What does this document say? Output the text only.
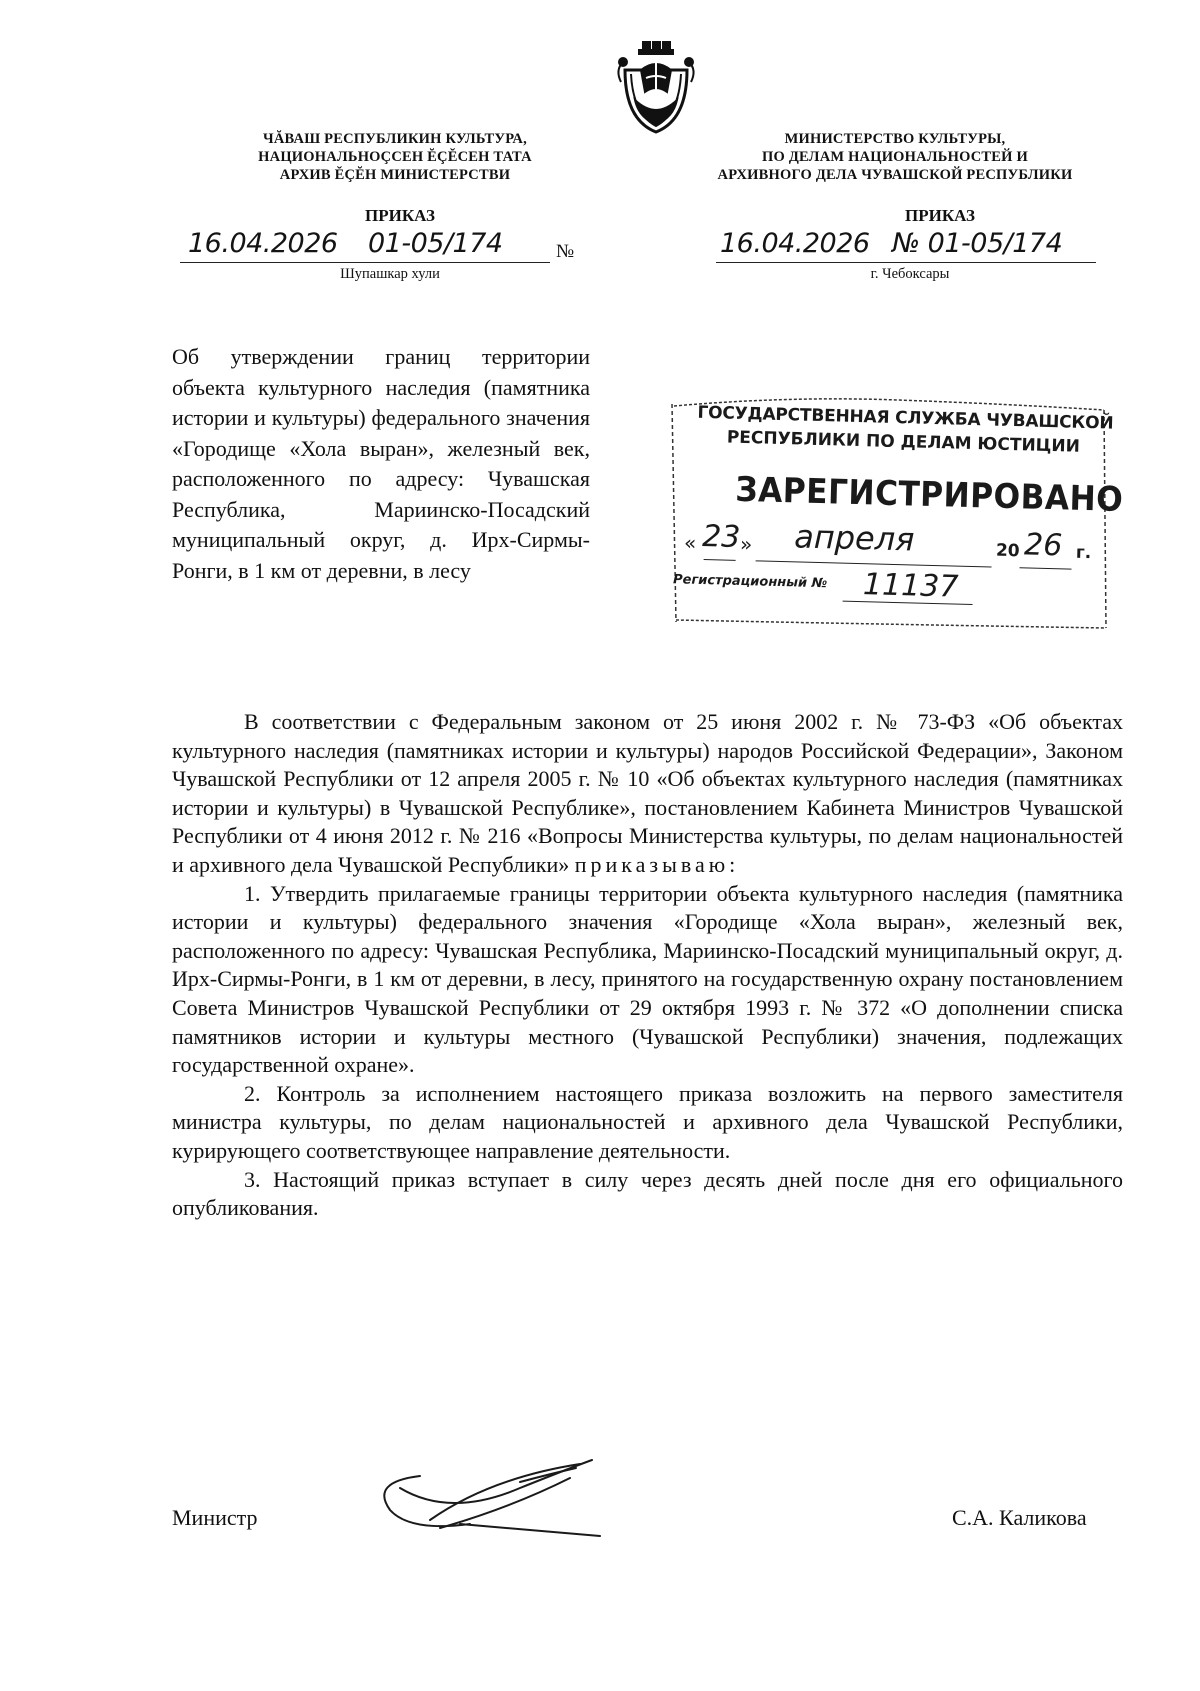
ЧĂВАШ РЕСПУБЛИКИН КУЛЬТУРА,
НАЦИОНАЛЬНОÇСЕН ĔÇĔСЕН ТАТА
АРХИВ ĔÇĔН МИНИСТЕРСТВИ
МИНИСТЕРСТВО КУЛЬТУРЫ,
ПО ДЕЛАМ НАЦИОНАЛЬНОСТЕЙ И
АРХИВНОГО ДЕЛА ЧУВАШСКОЙ РЕСПУБЛИКИ
ПРИКАЗ
16.04.2026 01-05/174	№
Шупашкар хули
ПРИКАЗ
16.04.2026 № 01-05/174
г. Чебоксары

Об утверждении границ территории объекта культурного наследия (памятника истории и культуры) федерального значения «Городище «Хола выран», железный век, расположенного по адресу: Чувашская Республика, Мариинско-Посадский муниципальный округ, д. Ирх-Сирмы-Ронги, в 1 км от деревни, в лесу

ГОСУДАРСТВЕННАЯ СЛУЖБА ЧУВАШСКОЙ
РЕСПУБЛИКИ ПО ДЕЛАМ ЮСТИЦИИ
ЗАРЕГИСТРИРОВАНО
« 23
» апреля	20 26 г.
Регистрационный № 11137

В соответствии с Федеральным законом от 25 июня 2002 г. № 73-ФЗ «Об объектах культурного наследия (памятниках истории и культуры) народов Российской Федерации», Законом Чувашской Республики от 12 апреля 2005 г. № 10 «Об объектах культурного наследия (памятниках истории и культуры) в Чувашской Республике», постановлением Кабинета Министров Чувашской Республики от 4 июня 2012 г. № 216 «Вопросы Министерства культуры, по делам национальностей и архивного дела Чувашской Республики» приказываю:

1. Утвердить прилагаемые границы территории объекта культурного наследия (памятника истории и культуры) федерального значения «Городище «Хола выран», железный век, расположенного по адресу: Чувашская Республика, Мариинско-Посадский муниципальный округ, д. Ирх-Сирмы-Ронги, в 1 км от деревни, в лесу, принятого на государственную охрану постановлением Совета Министров Чувашской Республики от 29 октября 1993 г. № 372 «О дополнении списка памятников истории и культуры местного (Чувашской Республики) значения, подлежащих государственной охране».

2. Контроль за исполнением настоящего приказа возложить на первого заместителя министра культуры, по делам национальностей и архивного дела Чувашской Республики, курирующего соответствующее направление деятельности.

3. Настоящий приказ вступает в силу через десять дней после дня его официального опубликования.

Министр	С.А. Каликова
